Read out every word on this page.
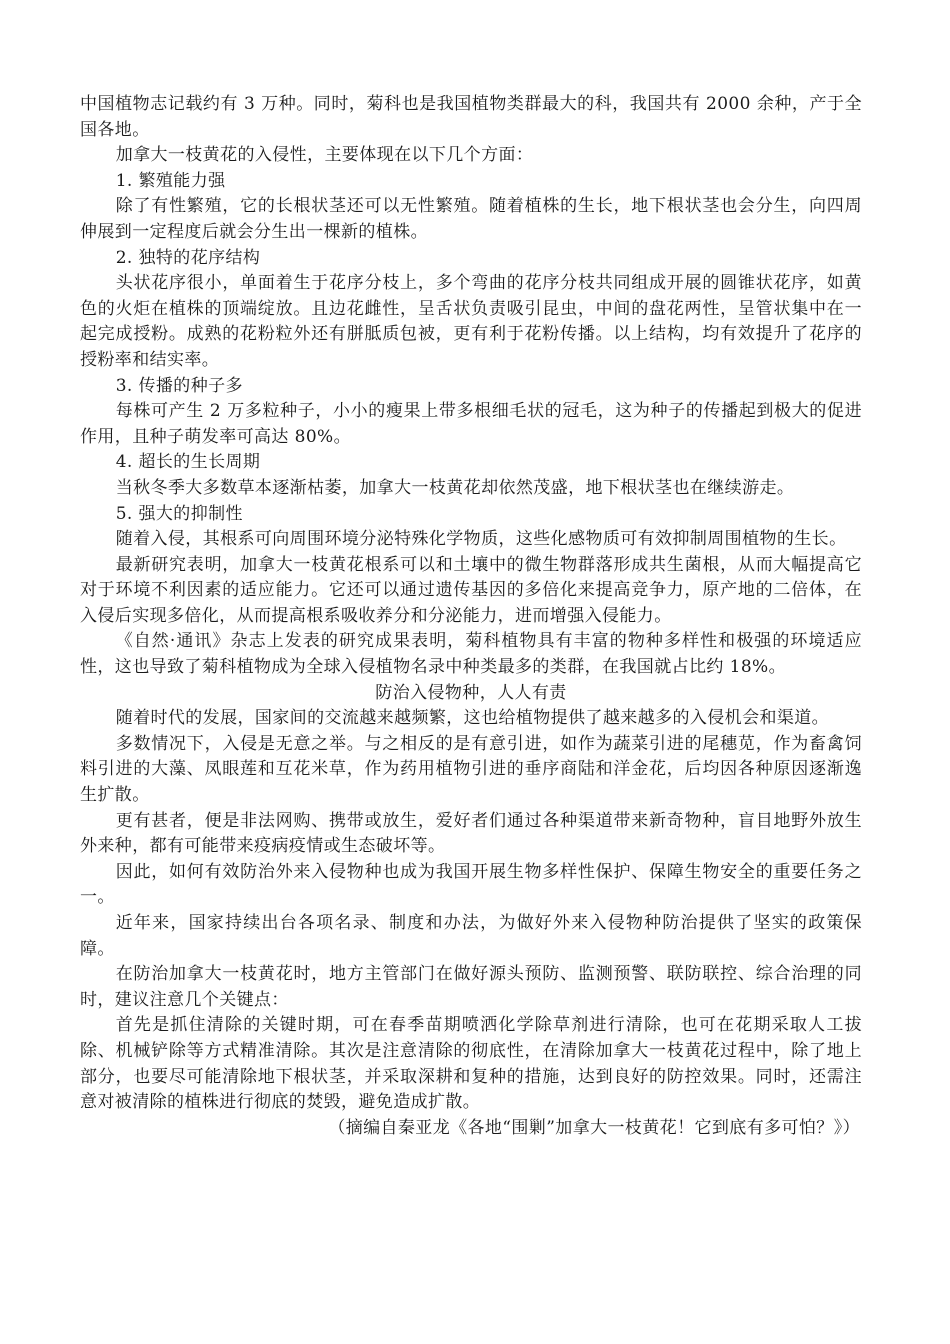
中国植物志记载约有 3 万种。同时，菊科也是我国植物类群最大的科，我国共有 2000 余种，产于全国各地。

加拿大一枝黄花的入侵性，主要体现在以下几个方面：

1. 繁殖能力强

除了有性繁殖，它的长根状茎还可以无性繁殖。随着植株的生长，地下根状茎也会分生，向四周伸展到一定程度后就会分生出一棵新的植株。

2. 独特的花序结构

头状花序很小，单面着生于花序分枝上，多个弯曲的花序分枝共同组成开展的圆锥状花序，如黄色的火炬在植株的顶端绽放。且边花雌性，呈舌状负责吸引昆虫，中间的盘花两性，呈管状集中在一起完成授粉。成熟的花粉粒外还有胼胝质包被，更有利于花粉传播。以上结构，均有效提升了花序的授粉率和结实率。

3. 传播的种子多

每株可产生 2 万多粒种子，小小的瘦果上带多根细毛状的冠毛，这为种子的传播起到极大的促进作用，且种子萌发率可高达 80%。

4. 超长的生长周期

当秋冬季大多数草本逐渐枯萎，加拿大一枝黄花却依然茂盛，地下根状茎也在继续游走。

5. 强大的抑制性

随着入侵，其根系可向周围环境分泌特殊化学物质，这些化感物质可有效抑制周围植物的生长。

最新研究表明，加拿大一枝黄花根系可以和土壤中的微生物群落形成共生菌根，从而大幅提高它对于环境不利因素的适应能力。它还可以通过遗传基因的多倍化来提高竞争力，原产地的二倍体，在入侵后实现多倍化，从而提高根系吸收养分和分泌能力，进而增强入侵能力。

《自然·通讯》杂志上发表的研究成果表明，菊科植物具有丰富的物种多样性和极强的环境适应性，这也导致了菊科植物成为全球入侵植物名录中种类最多的类群，在我国就占比约 18%。

防治入侵物种，人人有责

随着时代的发展，国家间的交流越来越频繁，这也给植物提供了越来越多的入侵机会和渠道。

多数情况下，入侵是无意之举。与之相反的是有意引进，如作为蔬菜引进的尾穗苋，作为畜禽饲料引进的大藻、凤眼莲和互花米草，作为药用植物引进的垂序商陆和洋金花，后均因各种原因逐渐逸生扩散。

更有甚者，便是非法网购、携带或放生，爱好者们通过各种渠道带来新奇物种，盲目地野外放生外来种，都有可能带来疫病疫情或生态破坏等。

因此，如何有效防治外来入侵物种也成为我国开展生物多样性保护、保障生物安全的重要任务之一。

近年来，国家持续出台各项名录、制度和办法，为做好外来入侵物种防治提供了坚实的政策保障。

在防治加拿大一枝黄花时，地方主管部门在做好源头预防、监测预警、联防联控、综合治理的同时，建议注意几个关键点：

首先是抓住清除的关键时期，可在春季苗期喷洒化学除草剂进行清除，也可在花期采取人工拔除、机械铲除等方式精准清除。其次是注意清除的彻底性，在清除加拿大一枝黄花过程中，除了地上部分，也要尽可能清除地下根状茎，并采取深耕和复种的措施，达到良好的防控效果。同时，还需注意对被清除的植株进行彻底的焚毁，避免造成扩散。

（摘编自秦亚龙《各地“围剿”加拿大一枝黄花！它到底有多可怕？》）
